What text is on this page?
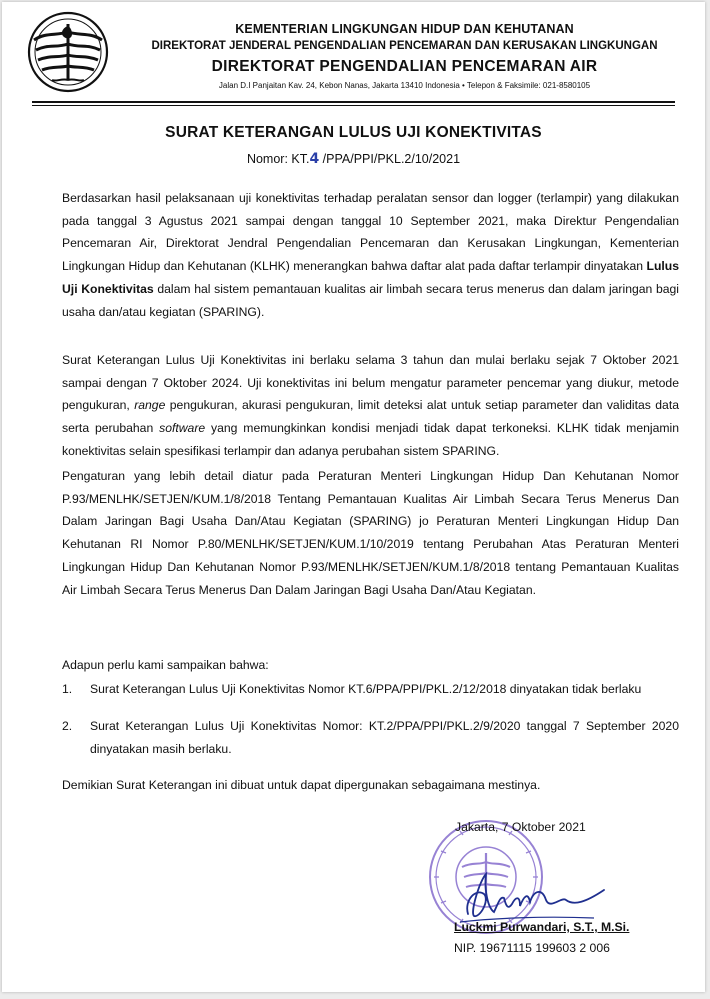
KEMENTERIAN LINGKUNGAN HIDUP DAN KEHUTANAN
DIREKTORAT JENDERAL PENGENDALIAN PENCEMARAN DAN KERUSAKAN LINGKUNGAN
DIREKTORAT PENGENDALIAN PENCEMARAN AIR
Jalan D.I Panjaitan Kav. 24, Kebon Nanas, Jakarta 13410 Indonesia • Telepon & Faksimile: 021-8580105
SURAT KETERANGAN LULUS UJI KONEKTIVITAS
Nomor: KT.4 /PPA/PPI/PKL.2/10/2021
Berdasarkan hasil pelaksanaan uji konektivitas terhadap peralatan sensor dan logger (terlampir) yang dilakukan pada tanggal 3 Agustus 2021 sampai dengan tanggal 10 September 2021, maka Direktur Pengendalian Pencemaran Air, Direktorat Jendral Pengendalian Pencemaran dan Kerusakan Lingkungan, Kementerian Lingkungan Hidup dan Kehutanan (KLHK) menerangkan bahwa daftar alat pada daftar terlampir dinyatakan Lulus Uji Konektivitas dalam hal sistem pemantauan kualitas air limbah secara terus menerus dan dalam jaringan bagi usaha dan/atau kegiatan (SPARING).
Surat Keterangan Lulus Uji Konektivitas ini berlaku selama 3 tahun dan mulai berlaku sejak 7 Oktober 2021 sampai dengan 7 Oktober 2024. Uji konektivitas ini belum mengatur parameter pencemar yang diukur, metode pengukuran, range pengukuran, akurasi pengukuran, limit deteksi alat untuk setiap parameter dan validitas data serta perubahan software yang memungkinkan kondisi menjadi tidak dapat terkoneksi. KLHK tidak menjamin konektivitas selain spesifikasi terlampir dan adanya perubahan sistem SPARING.
Pengaturan yang lebih detail diatur pada Peraturan Menteri Lingkungan Hidup Dan Kehutanan Nomor P.93/MENLHK/SETJEN/KUM.1/8/2018 Tentang Pemantauan Kualitas Air Limbah Secara Terus Menerus Dan Dalam Jaringan Bagi Usaha Dan/Atau Kegiatan (SPARING) jo Peraturan Menteri Lingkungan Hidup Dan Kehutanan RI Nomor P.80/MENLHK/SETJEN/KUM.1/10/2019 tentang Perubahan Atas Peraturan Menteri Lingkungan Hidup Dan Kehutanan Nomor P.93/MENLHK/SETJEN/KUM.1/8/2018 tentang Pemantauan Kualitas Air Limbah Secara Terus Menerus Dan Dalam Jaringan Bagi Usaha Dan/Atau Kegiatan.
Adapun perlu kami sampaikan bahwa:
1.	Surat Keterangan Lulus Uji Konektivitas Nomor KT.6/PPA/PPI/PKL.2/12/2018 dinyatakan tidak berlaku
2.	Surat Keterangan Lulus Uji Konektivitas Nomor: KT.2/PPA/PPI/PKL.2/9/2020 tanggal 7 September 2020 dinyatakan masih berlaku.
Demikian Surat Keterangan ini dibuat untuk dapat dipergunakan sebagaimana mestinya.
Jakarta, 7 Oktober 2021
Luckmi Purwandari, S.T., M.Si.
NIP. 19671115 199603 2 006
